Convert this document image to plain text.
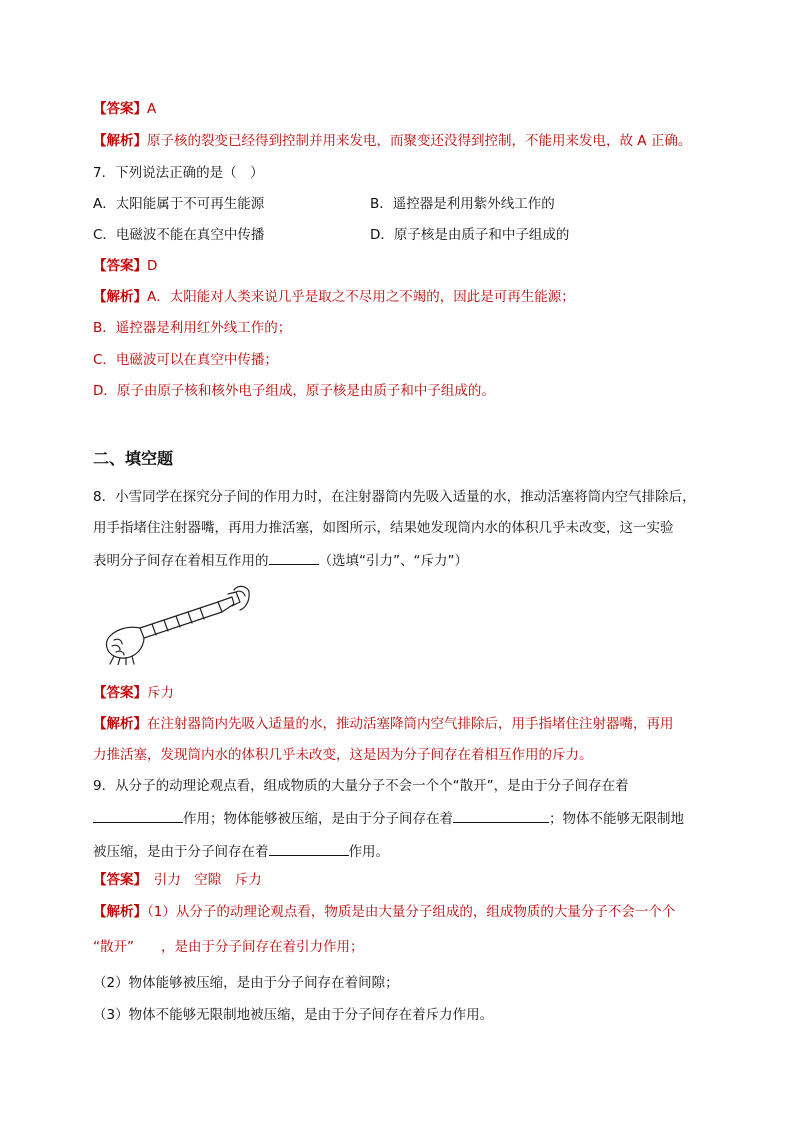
【答案】A
【解析】原子核的裂变已经得到控制并用来发电，而聚变还没得到控制，不能用来发电，故 A 正确。
7．下列说法正确的是（　）
A．太阳能属于不可再生能源	B．遥控器是利用紫外线工作的
C．电磁波不能在真空中传播	D．原子核是由质子和中子组成的
【答案】D
【解析】A．太阳能对人类来说几乎是取之不尽用之不竭的，因此是可再生能源；
B．遥控器是利用红外线工作的；
C．电磁波可以在真空中传播；
D．原子由原子核和核外电子组成，原子核是由质子和中子组成的。
二、填空题
8．小雪同学在探究分子间的作用力时，在注射器筒内先吸入适量的水，推动活塞将筒内空气排除后，
用手指堵住注射器嘴，再用力推活塞，如图所示，结果她发现筒内水的体积几乎未改变，这一实验
表明分子间存在着相互作用的	（选填“引力”、“斥力”）
【答案】斥力
【解析】在注射器筒内先吸入适量的水，推动活塞降筒内空气排除后，用手指堵住注射器嘴，再用
力推活塞，发现筒内水的体积几乎未改变，这是因为分子间存在着相互作用的斥力。
9．从分子的动理论观点看，组成物质的大量分子不会一个个“散开”，是由于分子间存在着
作用；物体能够被压缩，是由于分子间存在着	；物体不能够无限制地
被压缩，是由于分子间存在着	作用。
【答案】　引力　空隙　斥力
【解析】（1）从分子的动理论观点看，物质是由大量分子组成的，组成物质的大量分子不会一个个
“散开”　　，是由于分子间存在着引力作用；
（2）物体能够被压缩，是由于分子间存在着间隙；
（3）物体不能够无限制地被压缩，是由于分子间存在着斥力作用。
